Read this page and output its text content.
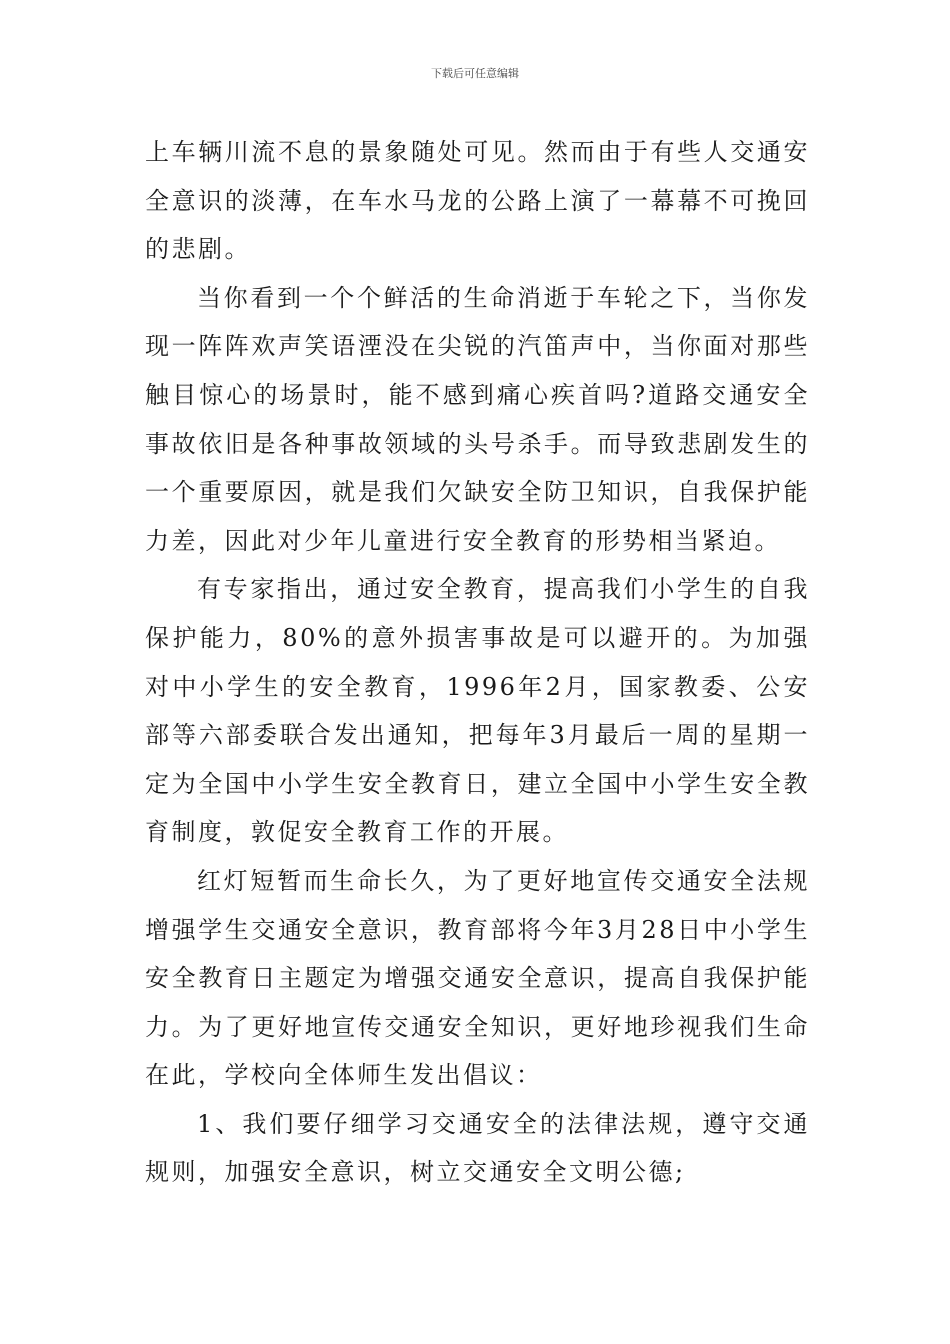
下载后可任意编辑

上车辆川流不息的景象随处可见。然而由于有些人交通安全意识的淡薄，在车水马龙的公路上演了一幕幕不可挽回的悲剧。

当你看到一个个鲜活的生命消逝于车轮之下，当你发现一阵阵欢声笑语湮没在尖锐的汽笛声中，当你面对那些触目惊心的场景时，能不感到痛心疾首吗?道路交通安全事故依旧是各种事故领域的头号杀手。而导致悲剧发生的一个重要原因，就是我们欠缺安全防卫知识，自我保护能力差，因此对少年儿童进行安全教育的形势相当紧迫。

有专家指出，通过安全教育，提高我们小学生的自我保护能力，80%的意外损害事故是可以避开的。为加强对中小学生的安全教育，1996年2月，国家教委、公安部等六部委联合发出通知，把每年3月最后一周的星期一定为全国中小学生安全教育日，建立全国中小学生安全教育制度，敦促安全教育工作的开展。

红灯短暂而生命长久，为了更好地宣传交通安全法规增强学生交通安全意识，教育部将今年3月28日中小学生安全教育日主题定为增强交通安全意识，提高自我保护能力。为了更好地宣传交通安全知识，更好地珍视我们生命在此，学校向全体师生发出倡议：

1、我们要仔细学习交通安全的法律法规，遵守交通规则，加强安全意识，树立交通安全文明公德;
